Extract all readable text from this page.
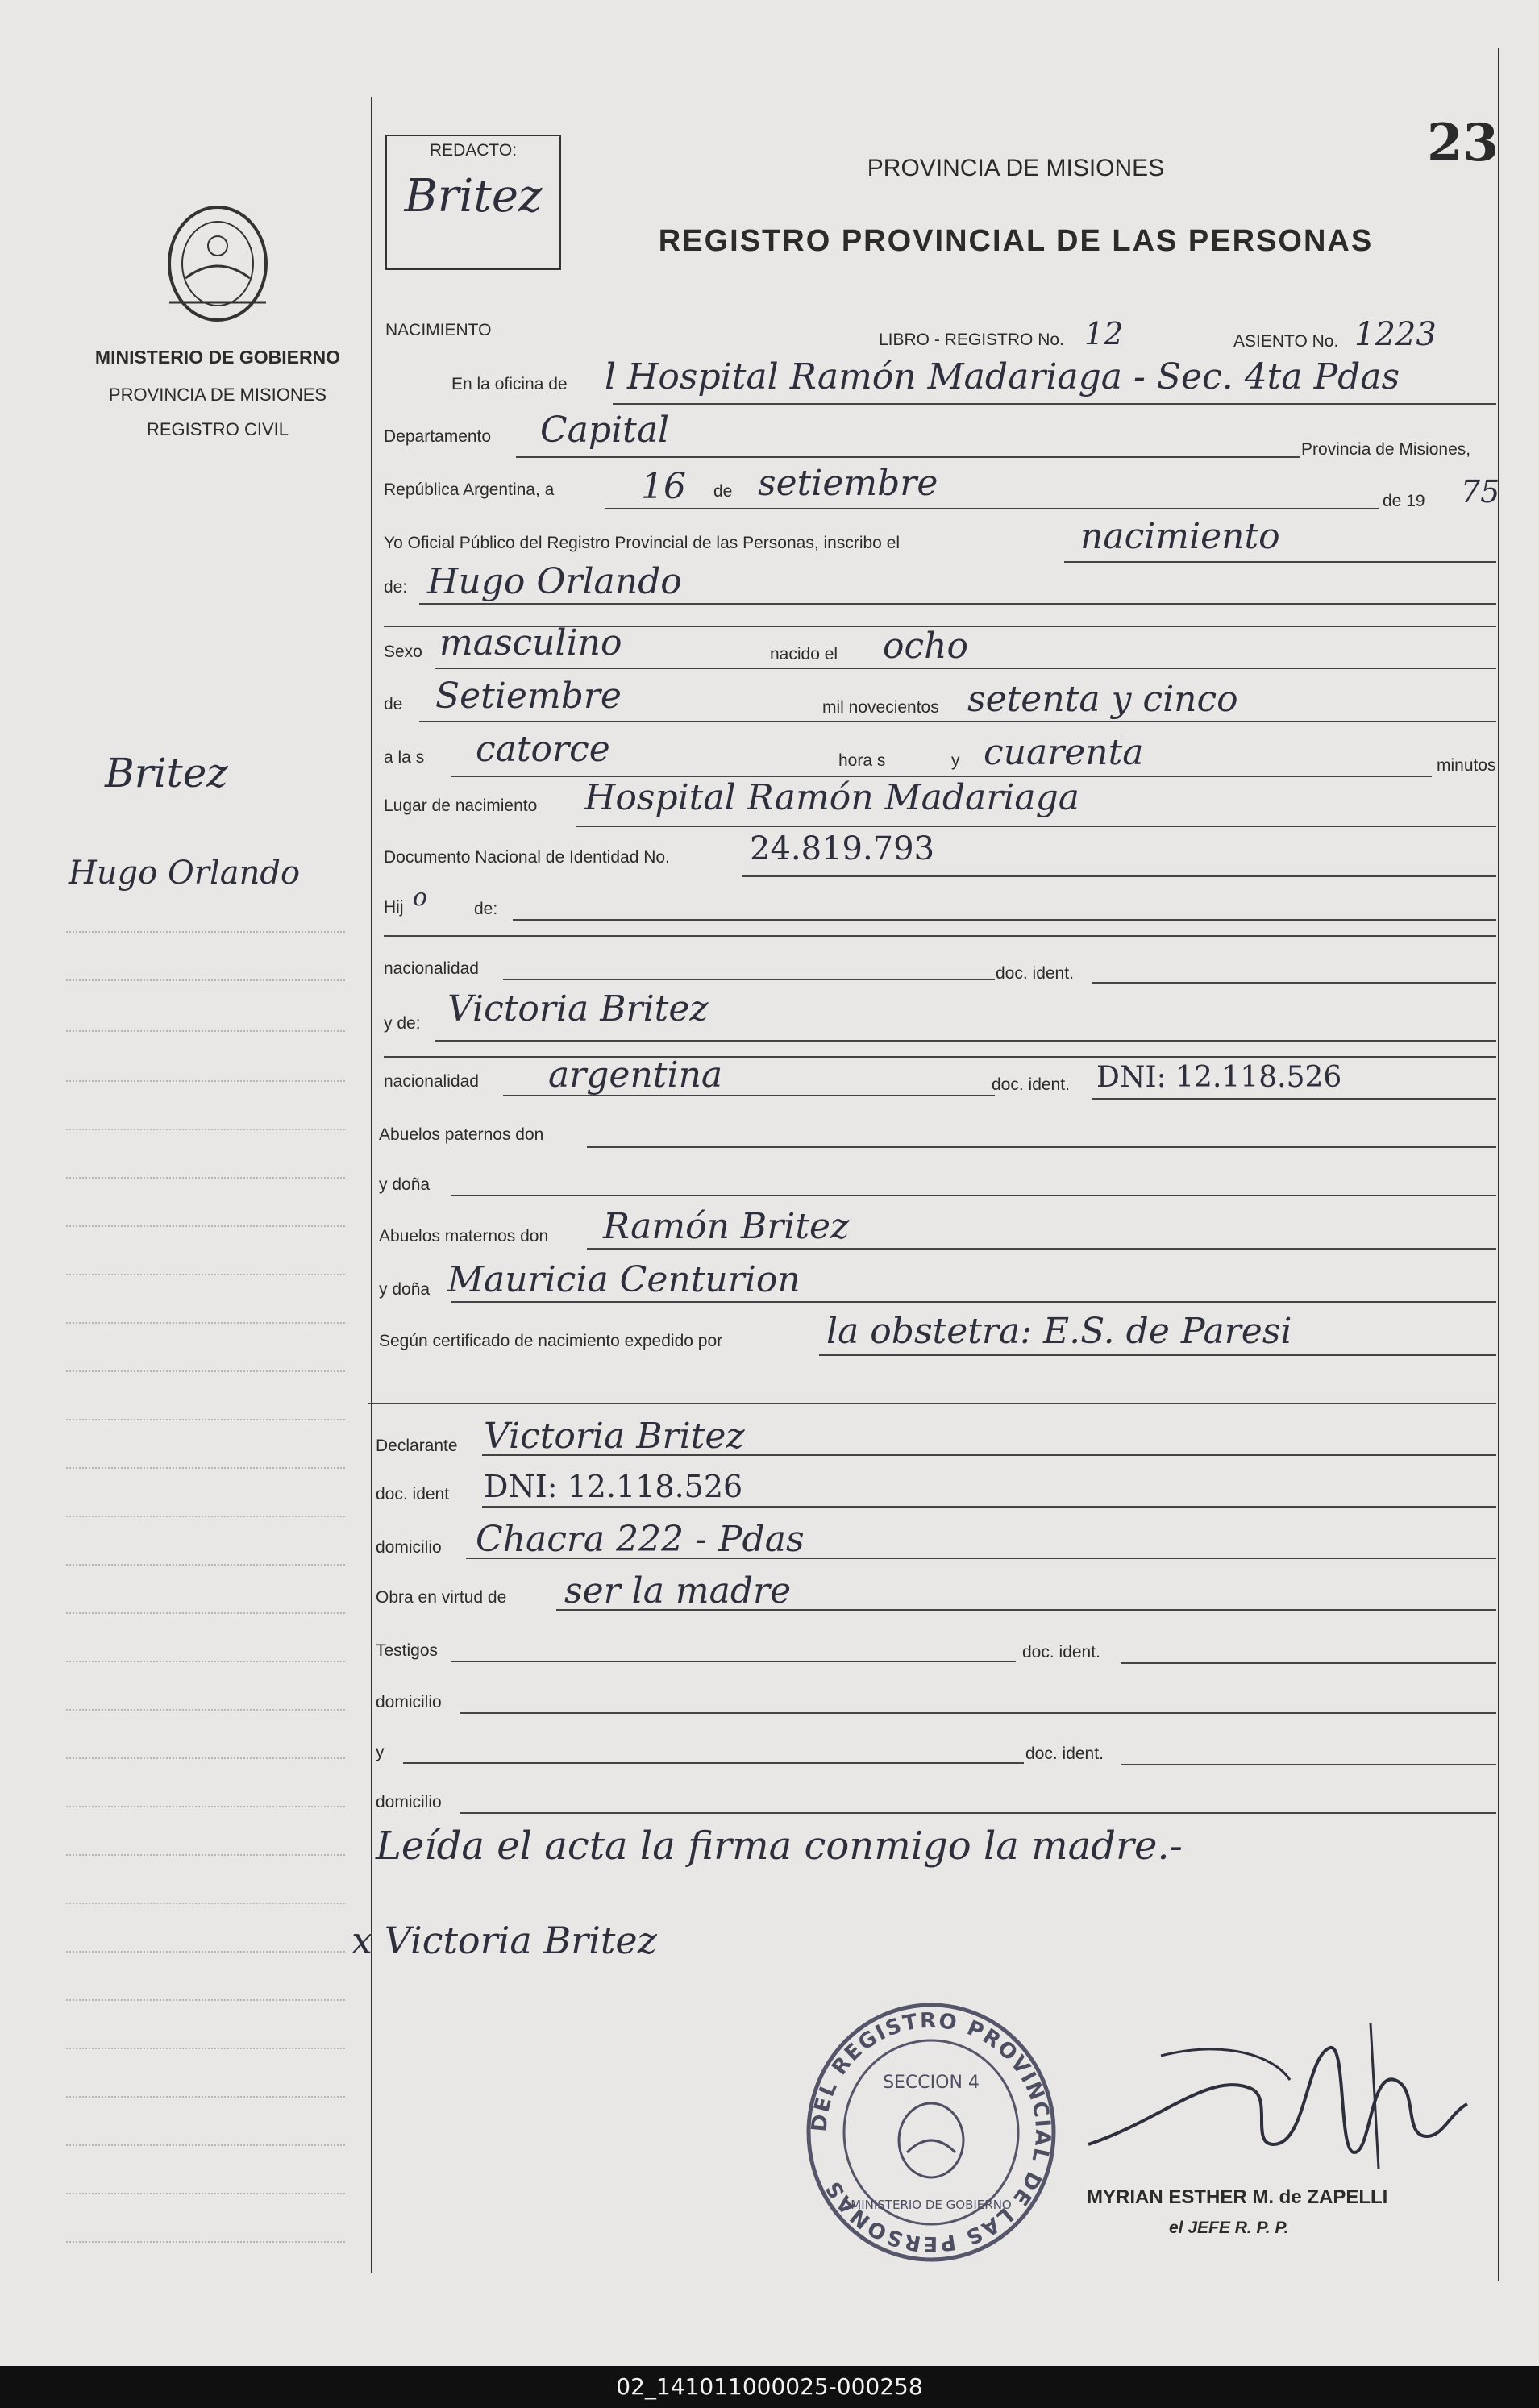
23
REDACTO:
Britez
PROVINCIA DE MISIONES
REGISTRO PROVINCIAL DE LAS PERSONAS
MINISTERIO DE GOBIERNO
PROVINCIA DE MISIONES
REGISTRO CIVIL
Britez
Hugo Orlando
NACIMIENTO
LIBRO - REGISTRO No. 12	ASIENTO No. 1223
En la oficina de l Hospital Ramón Madariaga - Sec. 4ta Pdas
Departamento Capital	Provincia de Misiones,
República Argentina, a 16 de setiembre	de 19 75
Yo Oficial Público del Registro Provincial de las Personas, inscribo el	nacimiento
de: Hugo Orlando
Sexo masculino	nacido el ocho
de Setiembre	mil novecientos setenta y cinco
a la s catorce	hora s	y cuarenta	minutos
Lugar de nacimiento Hospital Ramón Madariaga
Documento Nacional de Identidad No. 24.819.793
Hij o	de:
nacionalidad	doc. ident.
y de: Victoria Britez
nacionalidad argentina	doc. ident. DNI: 12.118.526
Abuelos paternos don
y doña
Abuelos maternos don Ramón Britez
y doña Mauricia Centurion
Según certificado de nacimiento expedido por	la obstetra: E.S. de Paresi
Declarante Victoria Britez
doc. ident DNI: 12.118.526
domicilio Chacra 222 - Pdas
Obra en virtud de ser la madre
Testigos	doc. ident.
domicilio
y	doc. ident.
domicilio
Leída el acta la firma conmigo la madre.-
x Victoria Britez
DEL REGISTRO PROVINCIAL DE LAS PERSONAS
SECCION 4
MINISTERIO DE GOBIERNO	MYRIAN ESTHER M. de ZAPELLI
el JEFE R. P. P.
02_141011000025-000258
